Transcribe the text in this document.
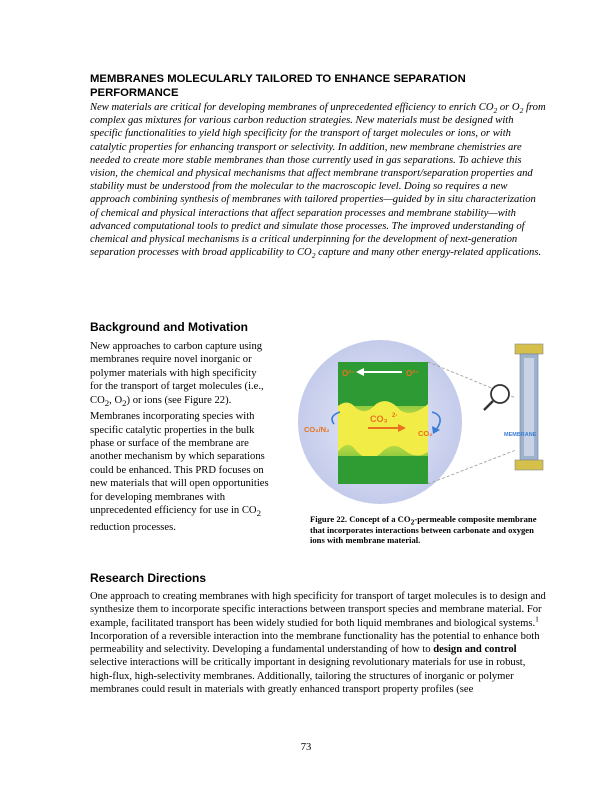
MEMBRANES MOLECULARLY TAILORED TO ENHANCE SEPARATION PERFORMANCE

New materials are critical for developing membranes of unprecedented efficiency to enrich $CO_2$ or $O_2$ from complex gas mixtures for various carbon reduction strategies. New materials must be designed with specific functionalities to yield high specificity for the transport of target molecules or ions, or with catalytic properties for enhancing transport or selectivity. In addition, new membrane chemistries are needed to create more stable membranes than those currently used in gas separations. To achieve this vision, the chemical and physical mechanisms that affect membrane transport/separation properties and stability must be understood from the molecular to the macroscopic level. Doing so requires a new approach combining synthesis of membranes with tailored properties—guided by in situ characterization of chemical and physical interactions that affect separation processes and membrane stability—with advanced computational tools to predict and simulate those processes. The improved understanding of chemical and physical mechanisms is a critical underpinning for the development of next-generation separation processes with broad applicability to $CO_2$ capture and many other energy-related applications.

Background and Motivation

New approaches to carbon capture using membranes require novel inorganic or polymer materials with high specificity for the transport of target molecules (i.e., $CO_2$, $O_2$) or ions (see Figure 22). Membranes incorporating species with specific catalytic properties in the bulk phase or surface of the membrane are another mechanism by which separations could be enhanced. This PRD focuses on new materials that will open opportunities for developing membranes with unprecedented efficiency for use in $CO_2$ reduction processes.

O²⁻	O²⁻
CO₃ 2-
CO₂/N₂	CO₂	MEMBRANE

Figure 22. Concept of a $CO_2$-permeable composite membrane that incorporates interactions between carbonate and oxygen ions with membrane material.

Research Directions

One approach to creating membranes with high specificity for transport of target molecules is to design and synthesize them to incorporate specific interactions between transport species and membrane material. For example, facilitated transport has been widely studied for both liquid membranes and biological systems.$^1$ Incorporation of a reversible interaction into the membrane functionality has the potential to enhance both permeability and selectivity. Developing a fundamental understanding of how to design and control selective interactions will be critically important in designing revolutionary materials for use in robust, high-flux, high-selectivity membranes. Additionally, tailoring the structures of inorganic or polymer membranes could result in materials with greatly enhanced transport property profiles (see

73
